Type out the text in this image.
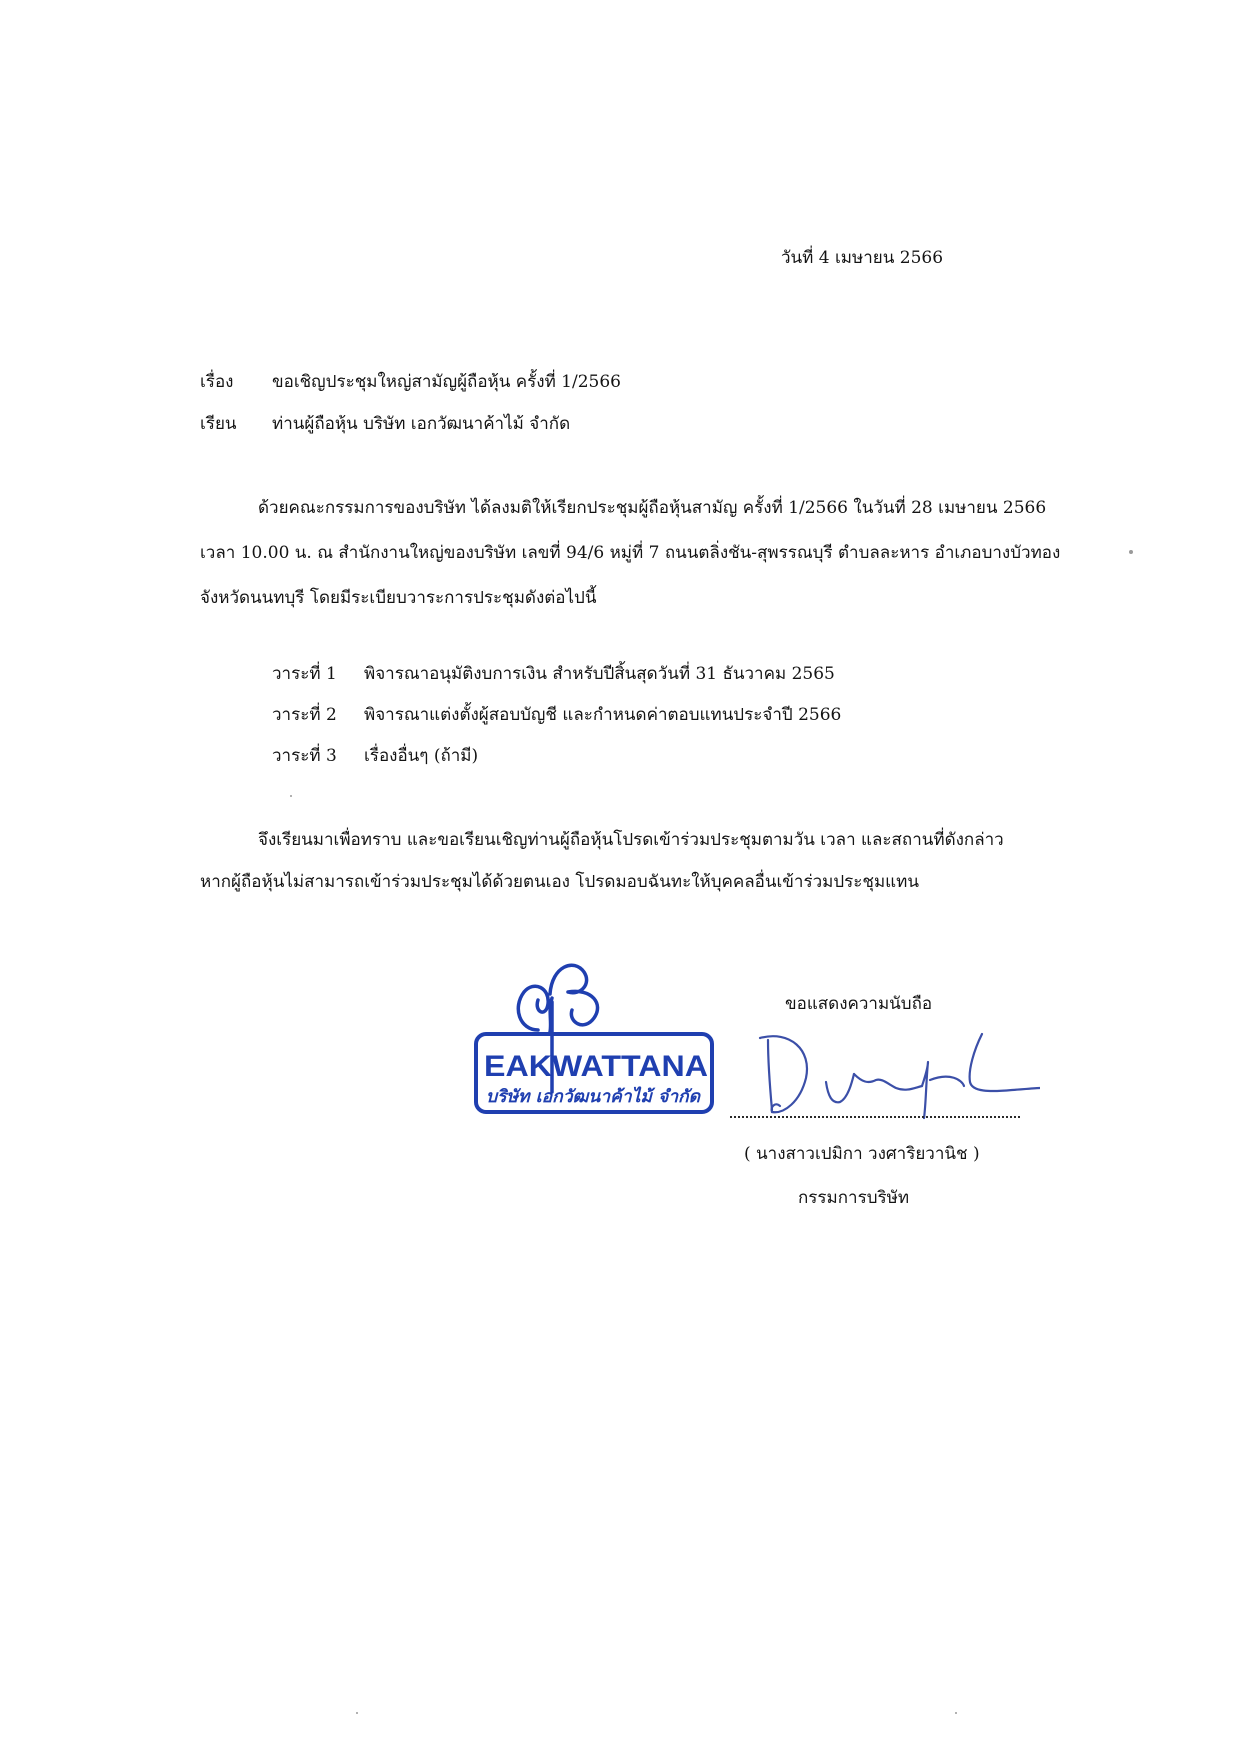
วันที่ 4 เมษายน 2566
เรื่อง ขอเชิญประชุมใหญ่สามัญผู้ถือหุ้น ครั้งที่ 1/2566
เรียน ท่านผู้ถือหุ้น บริษัท เอกวัฒนาค้าไม้ จำกัด
ด้วยคณะกรรมการของบริษัท ได้ลงมติให้เรียกประชุมผู้ถือหุ้นสามัญ ครั้งที่ 1/2566 ในวันที่ 28 เมษายน 2566
เวลา 10.00 น. ณ สำนักงานใหญ่ของบริษัท เลขที่ 94/6 หมู่ที่ 7 ถนนตลิ่งชัน-สุพรรณบุรี ตำบลละหาร อำเภอบางบัวทอง
จังหวัดนนทบุรี โดยมีระเบียบวาระการประชุมดังต่อไปนี้
วาระที่ 1 พิจารณาอนุมัติงบการเงิน สำหรับปีสิ้นสุดวันที่ 31 ธันวาคม 2565
วาระที่ 2 พิจารณาแต่งตั้งผู้สอบบัญชี และกำหนดค่าตอบแทนประจำปี 2566
วาระที่ 3 เรื่องอื่นๆ (ถ้ามี)
จึงเรียนมาเพื่อทราบ และขอเรียนเชิญท่านผู้ถือหุ้นโปรดเข้าร่วมประชุมตามวัน เวลา และสถานที่ดังกล่าว
หากผู้ถือหุ้นไม่สามารถเข้าร่วมประชุมได้ด้วยตนเอง โปรดมอบฉันทะให้บุคคลอื่นเข้าร่วมประชุมแทน
EAKWATTANA
บริษัท เอกวัฒนาค้าไม้ จำกัด
ขอแสดงความนับถือ
( นางสาวเปมิกา วงศาริยวานิช )
กรรมการบริษัท
